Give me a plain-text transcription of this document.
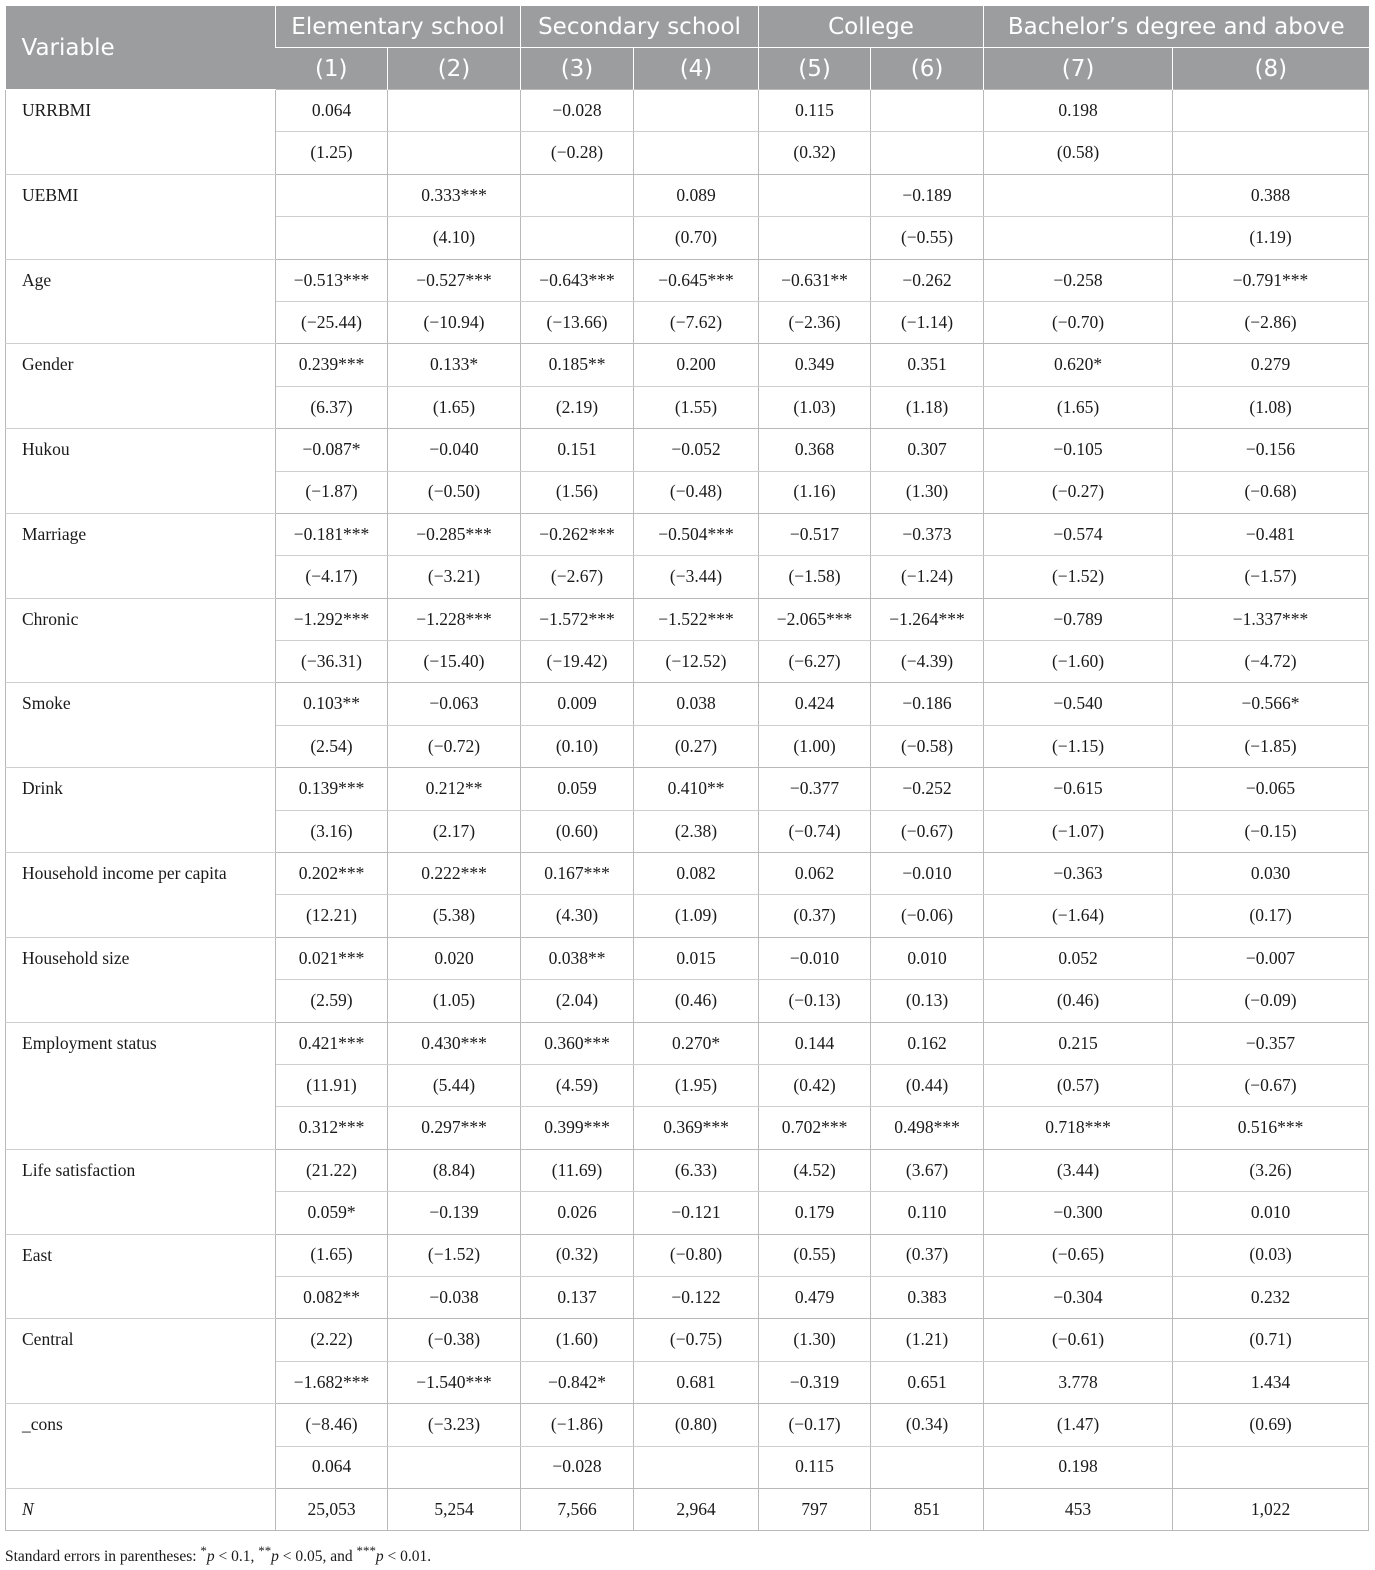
Variable	Elementary school		Secondary school		College		Bachelor’s degree and above	
	(1)	(2)	(3)	(4)	(5)	(6)	(7)	(8)
URRBMI	0.064		−0.028		0.115		0.198	
	(1.25)		(−0.28)		(0.32)		(0.58)	
UEBMI		0.333***		0.089		−0.189		0.388
		(4.10)		(0.70)		(−0.55)		(1.19)
Age	−0.513***	−0.527***	−0.643***	−0.645***	−0.631**	−0.262	−0.258	−0.791***
	(−25.44)	(−10.94)	(−13.66)	(−7.62)	(−2.36)	(−1.14)	(−0.70)	(−2.86)
Gender	0.239***	0.133*	0.185**	0.200	0.349	0.351	0.620*	0.279
	(6.37)	(1.65)	(2.19)	(1.55)	(1.03)	(1.18)	(1.65)	(1.08)
Hukou	−0.087*	−0.040	0.151	−0.052	0.368	0.307	−0.105	−0.156
	(−1.87)	(−0.50)	(1.56)	(−0.48)	(1.16)	(1.30)	(−0.27)	(−0.68)
Marriage	−0.181***	−0.285***	−0.262***	−0.504***	−0.517	−0.373	−0.574	−0.481
	(−4.17)	(−3.21)	(−2.67)	(−3.44)	(−1.58)	(−1.24)	(−1.52)	(−1.57)
Chronic	−1.292***	−1.228***	−1.572***	−1.522***	−2.065***	−1.264***	−0.789	−1.337***
	(−36.31)	(−15.40)	(−19.42)	(−12.52)	(−6.27)	(−4.39)	(−1.60)	(−4.72)
Smoke	0.103**	−0.063	0.009	0.038	0.424	−0.186	−0.540	−0.566*
	(2.54)	(−0.72)	(0.10)	(0.27)	(1.00)	(−0.58)	(−1.15)	(−1.85)
Drink	0.139***	0.212**	0.059	0.410**	−0.377	−0.252	−0.615	−0.065
	(3.16)	(2.17)	(0.60)	(2.38)	(−0.74)	(−0.67)	(−1.07)	(−0.15)
Household income per capita	0.202***	0.222***	0.167***	0.082	0.062	−0.010	−0.363	0.030
	(12.21)	(5.38)	(4.30)	(1.09)	(0.37)	(−0.06)	(−1.64)	(0.17)
Household size	0.021***	0.020	0.038**	0.015	−0.010	0.010	0.052	−0.007
	(2.59)	(1.05)	(2.04)	(0.46)	(−0.13)	(0.13)	(0.46)	(−0.09)
Employment status	0.421***	0.430***	0.360***	0.270*	0.144	0.162	0.215	−0.357
	(11.91)	(5.44)	(4.59)	(1.95)	(0.42)	(0.44)	(0.57)	(−0.67)
	0.312***	0.297***	0.399***	0.369***	0.702***	0.498***	0.718***	0.516***
Life satisfaction	(21.22)	(8.84)	(11.69)	(6.33)	(4.52)	(3.67)	(3.44)	(3.26)
	0.059*	−0.139	0.026	−0.121	0.179	0.110	−0.300	0.010
East	(1.65)	(−1.52)	(0.32)	(−0.80)	(0.55)	(0.37)	(−0.65)	(0.03)
	0.082**	−0.038	0.137	−0.122	0.479	0.383	−0.304	0.232
Central	(2.22)	(−0.38)	(1.60)	(−0.75)	(1.30)	(1.21)	(−0.61)	(0.71)
	−1.682***	−1.540***	−0.842*	0.681	−0.319	0.651	3.778	1.434
_cons	(−8.46)	(−3.23)	(−1.86)	(0.80)	(−0.17)	(0.34)	(1.47)	(0.69)
	0.064		−0.028		0.115		0.198	
N	25,053	5,254	7,566	2,964	797	851	453	1,022
Standard errors in parentheses: *p < 0.1, **p < 0.05, and ***p < 0.01.
